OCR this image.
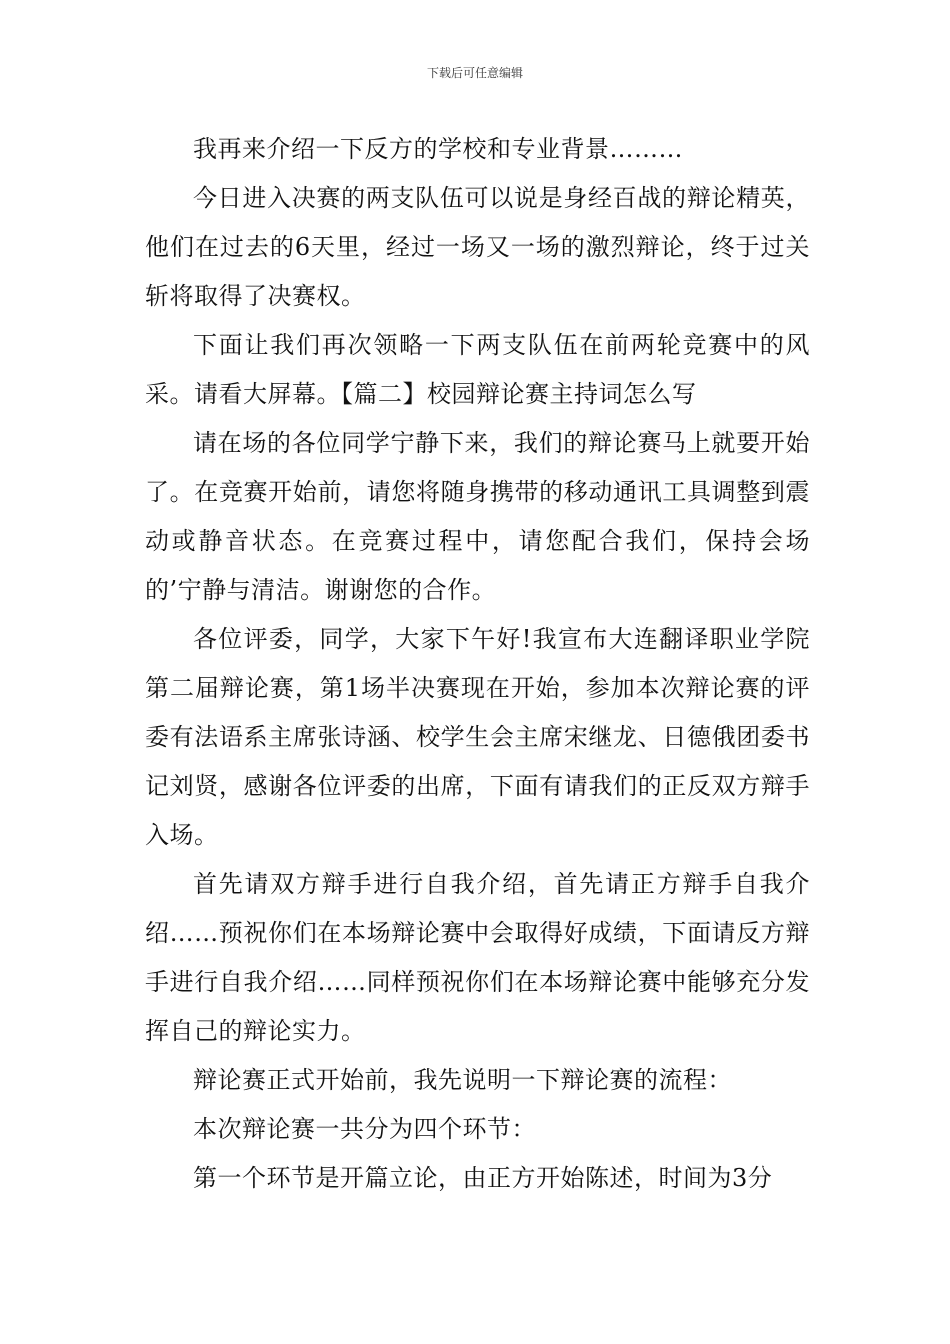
下载后可任意编辑

我再来介绍一下反方的学校和专业背景………

今日进入决赛的两支队伍可以说是身经百战的辩论精英，他们在过去的6天里，经过一场又一场的激烈辩论，终于过关斩将取得了决赛权。

下面让我们再次领略一下两支队伍在前两轮竞赛中的风采。请看大屏幕。【篇二】校园辩论赛主持词怎么写

请在场的各位同学宁静下来，我们的辩论赛马上就要开始了。在竞赛开始前，请您将随身携带的移动通讯工具调整到震动或静音状态。在竞赛过程中，请您配合我们，保持会场的’宁静与清洁。谢谢您的合作。

各位评委，同学，大家下午好!我宣布大连翻译职业学院第二届辩论赛，第1场半决赛现在开始，参加本次辩论赛的评委有法语系主席张诗涵、校学生会主席宋继龙、日德俄团委书记刘贤，感谢各位评委的出席，下面有请我们的正反双方辩手入场。

首先请双方辩手进行自我介绍，首先请正方辩手自我介绍……预祝你们在本场辩论赛中会取得好成绩，下面请反方辩手进行自我介绍……同样预祝你们在本场辩论赛中能够充分发挥自己的辩论实力。

辩论赛正式开始前，我先说明一下辩论赛的流程：

本次辩论赛一共分为四个环节：

第一个环节是开篇立论，由正方开始陈述，时间为3分
